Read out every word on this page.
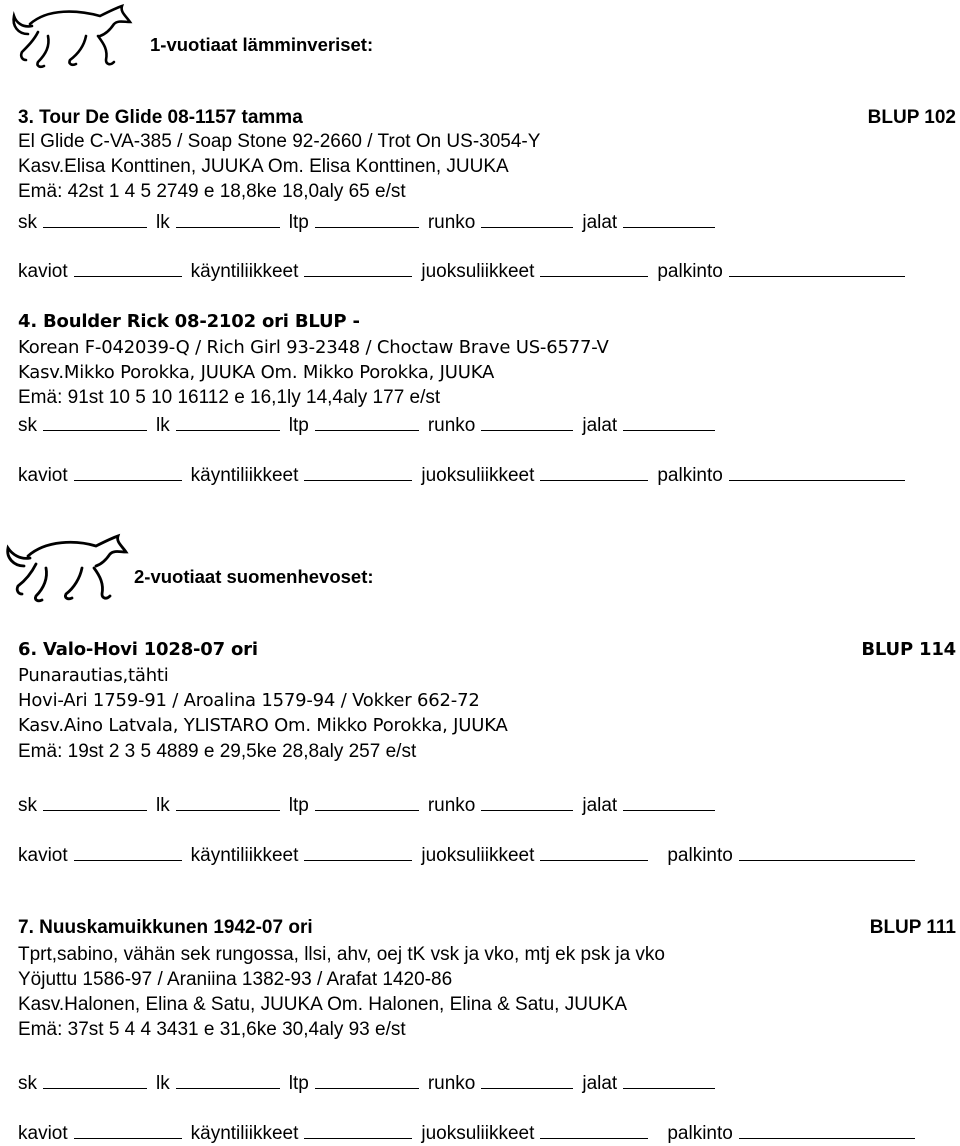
1-vuotiaat lämminveriset:
3. Tour De Glide 08-1157 tamma	BLUP 102
El Glide C-VA-385 / Soap Stone 92-2660 / Trot On US-3054-Y
Kasv.Elisa Konttinen, JUUKA Om. Elisa Konttinen, JUUKA
Emä: 42st 1 4 5 2749 e 18,8ke 18,0aly 65 e/st
sk	lk	ltp	runko	jalat
kaviot	käyntiliikkeet	juoksuliikkeet	palkinto
4. Boulder Rick 08-2102 ori BLUP -
Korean F-042039-Q / Rich Girl 93-2348 / Choctaw Brave US-6577-V
Kasv.Mikko Porokka, JUUKA Om. Mikko Porokka, JUUKA
Emä: 91st 10 5 10 16112 e 16,1ly 14,4aly 177 e/st
sk	lk	ltp	runko	jalat
kaviot	käyntiliikkeet	juoksuliikkeet	palkinto
2-vuotiaat suomenhevoset:
6. Valo-Hovi 1028-07 ori	BLUP 114
Punarautias,tähti
Hovi-Ari 1759-91 / Aroalina 1579-94 / Vokker 662-72
Kasv.Aino Latvala, YLISTARO Om. Mikko Porokka, JUUKA
Emä: 19st 2 3 5 4889 e 29,5ke 28,8aly 257 e/st
sk	lk	ltp	runko	jalat
kaviot	käyntiliikkeet	juoksuliikkeet	palkinto
7. Nuuskamuikkunen 1942-07 ori	BLUP 111
Tprt,sabino, vähän sek rungossa, llsi, ahv, oej tK vsk ja vko, mtj ek psk ja vko
Yöjuttu 1586-97 / Araniina 1382-93 / Arafat 1420-86
Kasv.Halonen, Elina & Satu, JUUKA Om. Halonen, Elina & Satu, JUUKA
Emä: 37st 5 4 4 3431 e 31,6ke 30,4aly 93 e/st
sk	lk	ltp	runko	jalat
kaviot	käyntiliikkeet	juoksuliikkeet	palkinto
